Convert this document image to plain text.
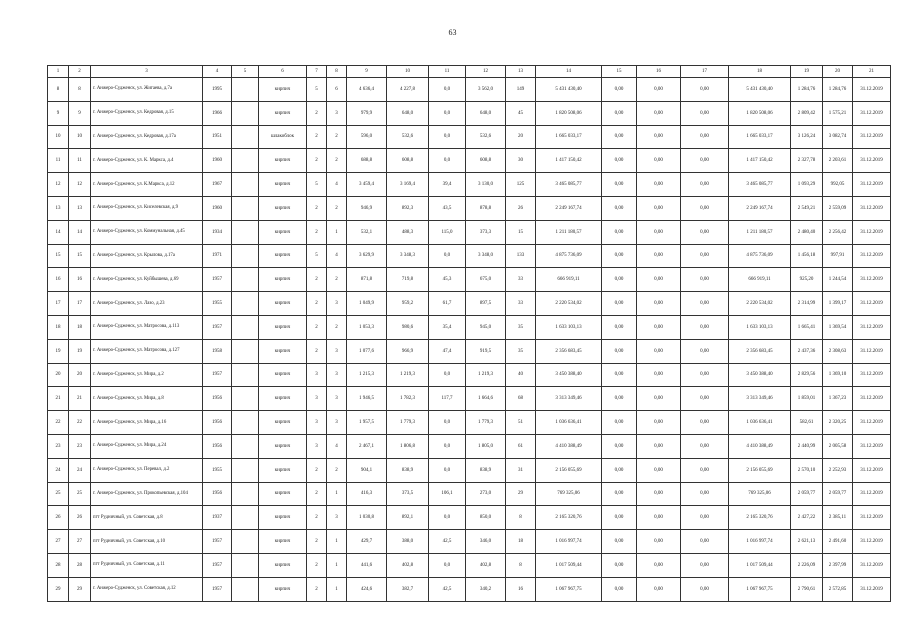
63
1	2	3	4	5	6	7	8	9	10	11	12	13	14	15	16	17	18	19	20	21
8	8	г. Анжеро-Судженск, ул. Жигаева, д.7а	1995		кирпич	5	6	4 636,4	4 227,8	0,0	3 562,0	149	5 431 430,40	0,00	0,00	0,00	5 431 430,40	1 284,76	1 284,76	31.12.2019
9	9	г. Анжеро-Судженск, ул. Кедровая, д.15	1966		кирпич	2	3	979,9	648,0	0,0	648,0	45	1 820 508,06	0,00	0,00	0,00	1 820 508,06	2 809,42	1 575,21	31.12.2019
10	10	г. Анжеро-Судженск, ул. Кедровая, д.17а	1951		шлакоблок	2	2	596,0	532,6	0,0	532,6	20	1 665 033,17	0,00	0,00	0,00	1 665 033,17	3 126,24	3 082,74	31.12.2019
11	11	г. Анжеро-Судженск, ул. К. Маркса, д.4	1960		кирпич	2	2	688,8	608,8	0,0	608,8	30	1 417 150,42	0,00	0,00	0,00	1 417 150,42	2 327,78	2 203,61	31.12.2019
12	12	г. Анжеро-Судженск, ул. К.Маркса, д.12	1967		кирпич	5	4	3 459,4	3 169,4	39,4	3 130,0	125	3 465 085,77	0,00	0,00	0,00	3 465 085,77	1 093,29	992,05	31.12.2019
13	13	г. Анжеро-Судженск, ул. Киселевская, д.9	1960		кирпич	2	2	946,9	892,3	43,5	878,8	26	2 249 167,74	0,00	0,00	0,00	2 249 167,74	2 549,21	2 559,09	31.12.2019
14	14	г. Анжеро-Судженск, ул. Коммунальная, д.45	1934		кирпич	2	1	532,1	488,3	115,0	373,3	15	1 211 180,57	0,00	0,00	0,00	1 211 180,57	2 480,40	2 256,42	31.12.2019
15	15	г. Анжеро-Судженск, ул. Крылова, д.17а	1971		кирпич	5	4	3 629,9	3 348,3	0,0	3 348,0	133	4 875 736,09	0,00	0,00	0,00	4 875 736,09	1 456,18	997,91	31.12.2019
16	16	г. Анжеро-Судженск, ул. Куйбышева, д.69	1957		кирпич	2	2	871,8	719,8	45,3	675,0	33	666 919,11	0,00	0,00	0,00	666 919,11	925,20	1 244,54	31.12.2019
17	17	г. Анжеро-Судженск, ул. Лазо, д.23	1955		кирпич	2	3	1 049,9	959,2	61,7	897,5	33	2 220 534,02	0,00	0,00	0,00	2 220 534,02	2 314,99	1 399,17	31.12.2019
18	18	г. Анжеро-Судженск, ул. Матросова, д.113	1957		кирпич	2	2	1 053,3	980,6	35,4	945,0	35	1 633 103,13	0,00	0,00	0,00	1 633 103,13	1 665,41	1 369,54	31.12.2019
19	19	г. Анжеро-Судженск, ул. Матросова, д.127	1958		кирпич	2	3	1 077,6	966,9	47,4	919,5	35	2 356 683,45	0,00	0,00	0,00	2 356 683,45	2 437,36	2 308,63	31.12.2019
20	20	г. Анжеро-Судженск, ул. Мира, д.2	1957		кирпич	3	3	1 215,3	1 219,3	0,0	1 219,3	40	3 450 388,40	0,00	0,00	0,00	3 450 388,40	2 829,56	1 369,10	31.12.2019
21	21	г. Анжеро-Судженск, ул. Мира, д.8	1956		кирпич	3	3	1 946,5	1 782,3	117,7	1 664,6	68	3 313 349,46	0,00	0,00	0,00	3 313 349,46	1 859,01	1 367,23	31.12.2019
22	22	г. Анжеро-Судженск, ул. Мира, д.16	1956		кирпич	3	3	1 957,5	1 779,3	0,0	1 779,3	51	1 036 636,41	0,00	0,00	0,00	1 036 636,41	582,61	2 320,25	31.12.2019
23	23	г. Анжеро-Судженск, ул. Мира, д.24	1956		кирпич	3	4	2 467,1	1 806,8	0,0	1 805,0	61	4 410 388,49	0,00	0,00	0,00	4 410 388,49	2 440,99	2 005,58	31.12.2019
24	24	г. Анжеро-Судженск, ул. Перевал, д.2	1955		кирпич	2	2	904,1	838,9	0,0	838,9	31	2 156 055,69	0,00	0,00	0,00	2 156 055,69	2 570,10	2 252,93	31.12.2019
25	25	г. Анжеро-Судженск, ул. Прокопьевская, д.104	1956		кирпич	2	1	416,3	373,5	106,1	273,0	29	769 325,06	0,00	0,00	0,00	769 325,06	2 059,77	2 059,77	31.12.2019
26	26	пгт Рудничный, ул. Советская, д.8	1937		кирпич	2	3	1 030,8	892,1	0,0	850,0	8	2 165 320,76	0,00	0,00	0,00	2 165 320,76	2 427,22	2 385,11	31.12.2019
27	27	пгт Рудничный, ул. Советская, д.10	1957		кирпич	2	1	429,7	388,0	42,5	346,0	18	1 016 997,74	0,00	0,00	0,00	1 016 997,74	2 621,13	2 491,60	31.12.2019
28	28	пгт Рудничный, ул. Советская, д.11	1957		кирпич	2	1	441,6	402,8	0,0	402,8	8	1 017 509,44	0,00	0,00	0,00	1 017 509,44	2 226,09	2 397,99	31.12.2019
29	29	г. Анжеро-Судженск, ул. Советская, д.12	1957		кирпич	2	1	424,6	382,7	42,5	340,2	16	1 067 967,75	0,00	0,00	0,00	1 067 967,75	2 790,61	2 572,85	31.12.2019
